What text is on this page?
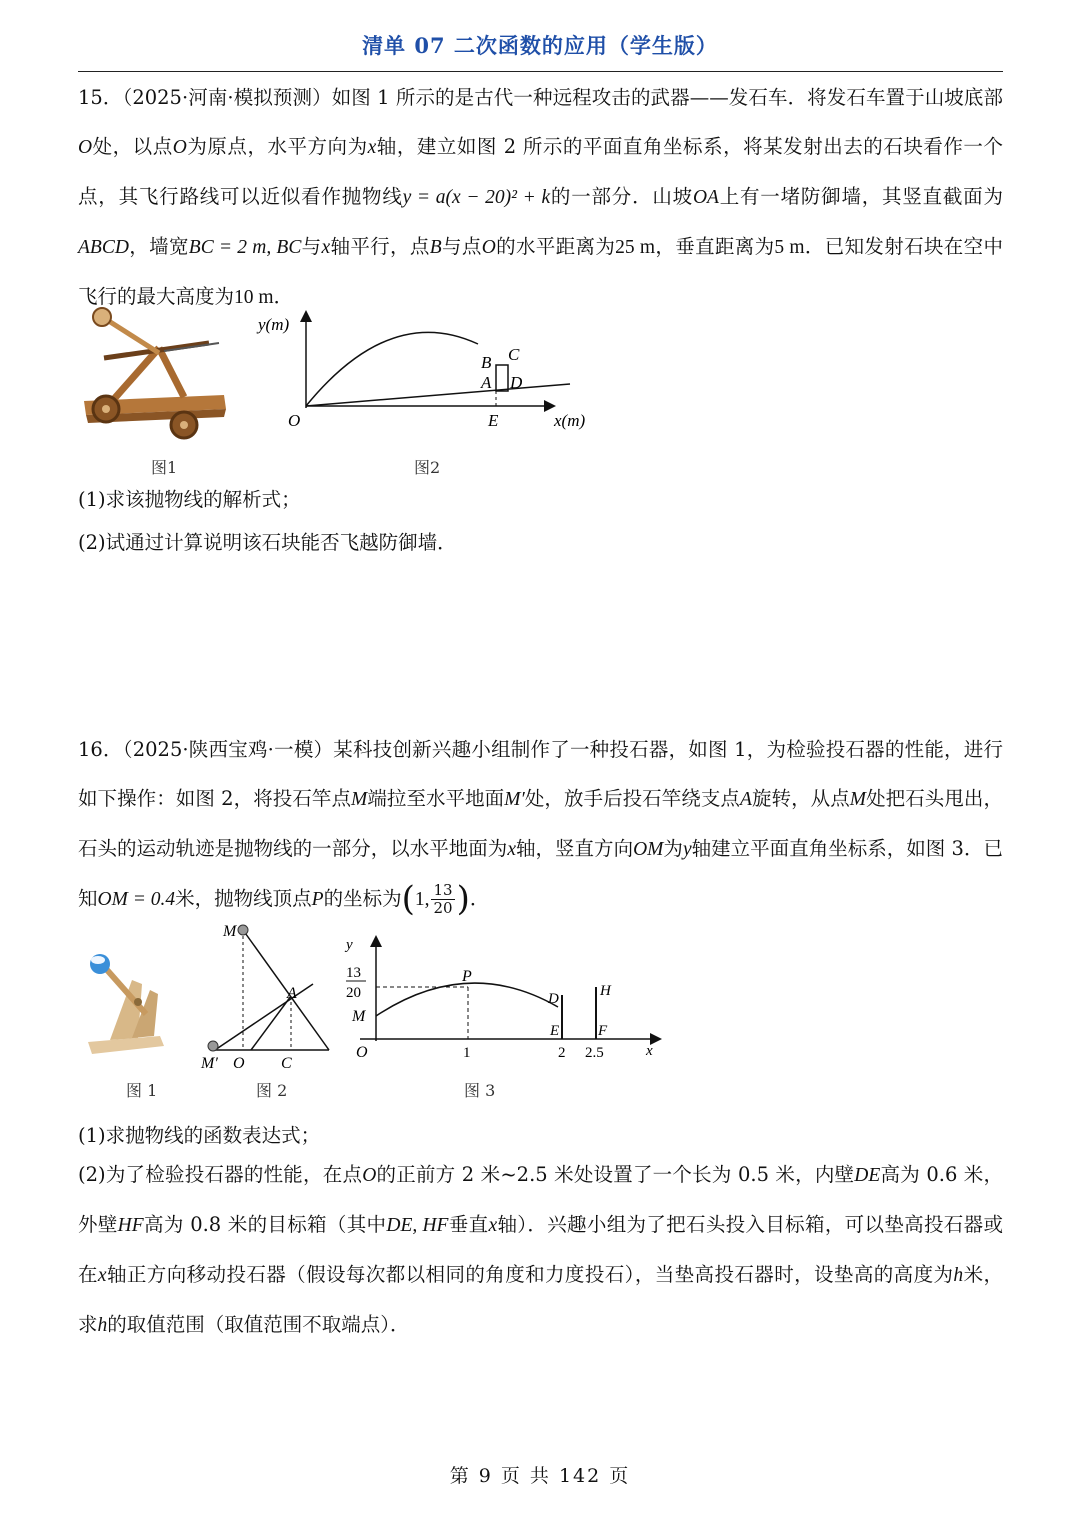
清单 07 二次函数的应用（学生版）

15．（2025·河南·模拟预测）如图 1 所示的是古代一种远程攻击的武器——发石车．将发石车置于山坡底部O处，以点O为原点，水平方向为x轴，建立如图 2 所示的平面直角坐标系，将某发射出去的石块看作一个点，其飞行路线可以近似看作抛物线y = a(x − 20)² + k的一部分．山坡OA上有一堵防御墙，其竖直截面为ABCD，墙宽BC = 2 m, BC与x轴平行，点B与点O的水平距离为25 m，垂直距离为5 m．已知发射石块在空中飞行的最大高度为10 m．

图1
y(m)
O	E	x(m)
B C
A D
图2
(1)求该抛物线的解析式；
(2)试通过计算说明该石块能否飞越防御墙．

16．（2025·陕西宝鸡·一模）某科技创新兴趣小组制作了一种投石器，如图 1，为检验投石器的性能，进行如下操作：如图 2，将投石竿点M端拉至水平地面M′处，放手后投石竿绕支点A旋转，从点M处把石头甩出，石头的运动轨迹是抛物线的一部分，以水平地面为x轴，竖直方向OM为y轴建立平面直角坐标系，如图 3．已知OM = 0.4米，抛物线顶点P的坐标为(1, $\frac{13}{20}$ )．

图 1
M
A
M′ O C
图 2
y
13
20
M
O
P
D
E
H
F
1	2 2.5	x
图 3
(1)求抛物线的函数表达式；

(2)为了检验投石器的性能，在点O的正前方 2 米~2.5 米处设置了一个长为 0.5 米，内壁DE高为 0.6 米，外壁HF高为 0.8 米的目标箱（其中DE, HF垂直x轴）．兴趣小组为了把石头投入目标箱，可以垫高投石器或在x轴正方向移动投石器（假设每次都以相同的角度和力度投石），当垫高投石器时，设垫高的高度为h米，求h的取值范围（取值范围不取端点）．

第 9 页 共 142 页
